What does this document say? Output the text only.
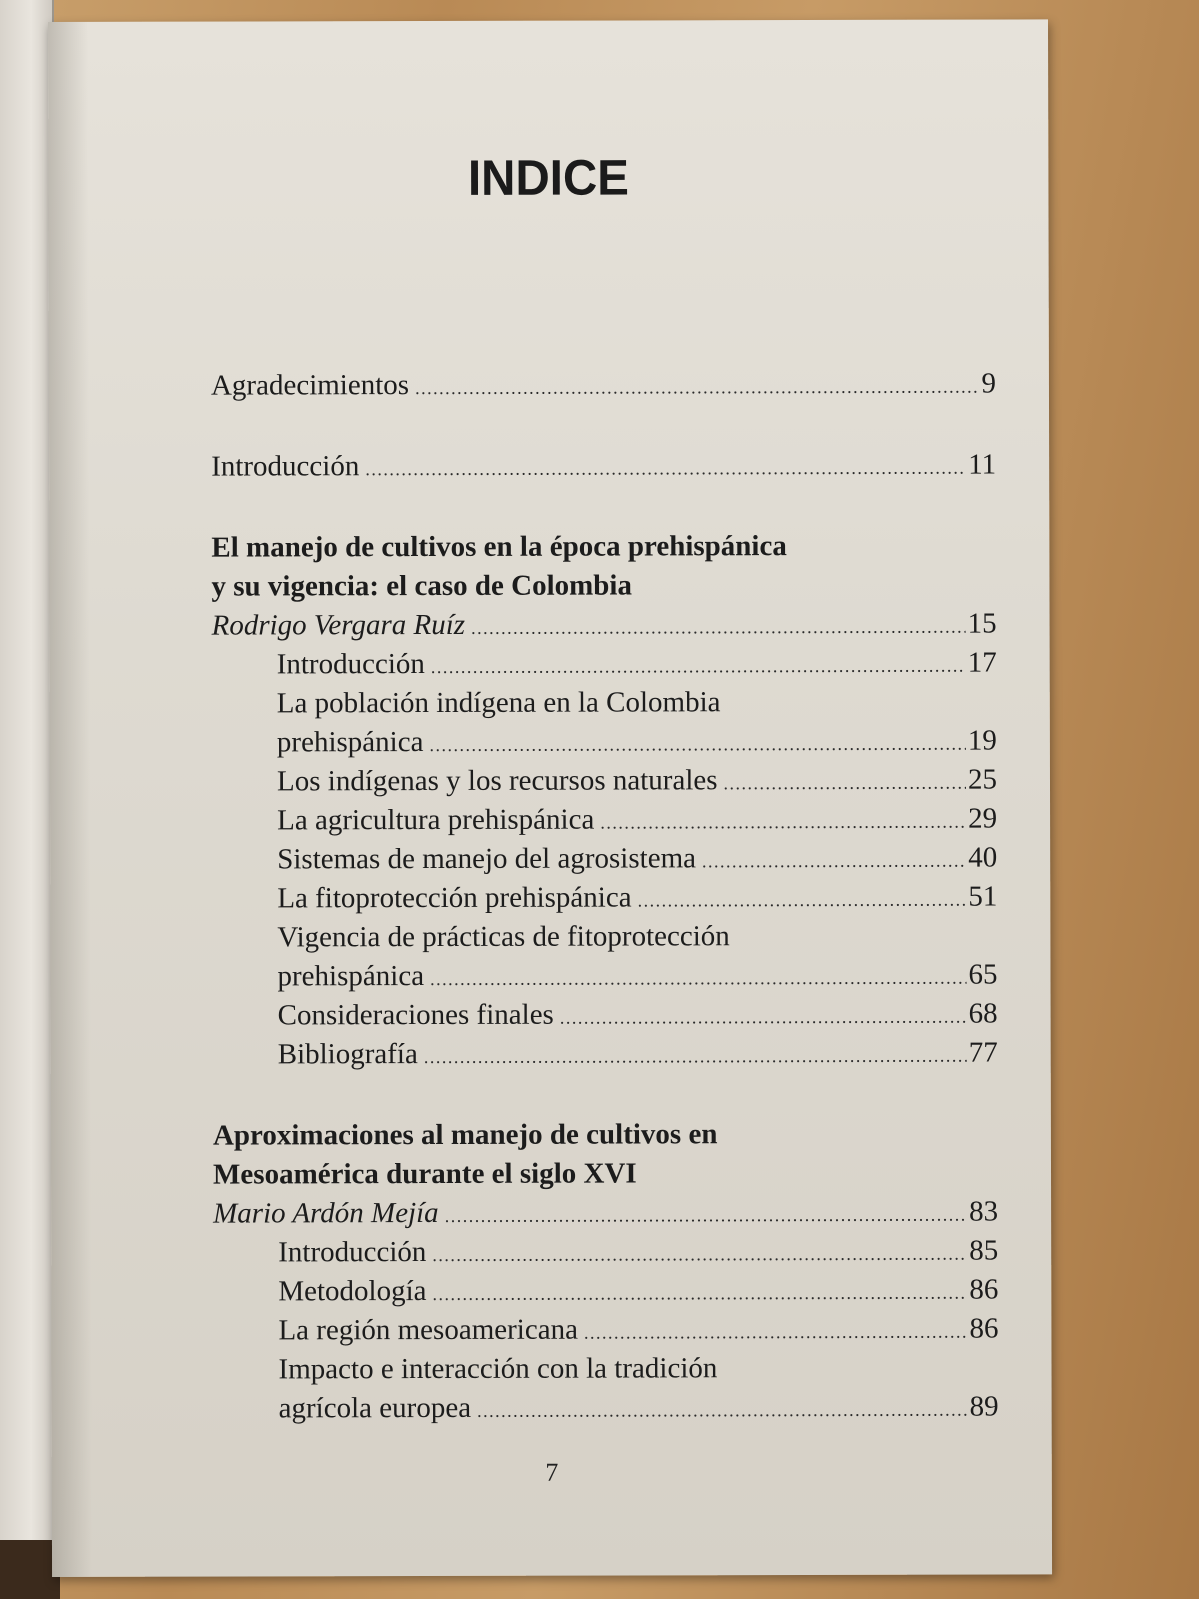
INDICE
Agradecimientos .....	9
Introducción .....	11
El manejo de cultivos en la época prehispánica
y su vigencia: el caso de Colombia
Rodrigo Vergara Ruíz .....	15
Introducción .....	17
La población indígena en la Colombia
prehispánica .....	19
Los indígenas y los recursos naturales .....	25
La agricultura prehispánica .....	29
Sistemas de manejo del agrosistema .....	40
La fitoprotección prehispánica .....	51
Vigencia de prácticas de fitoprotección
prehispánica .....	65
Consideraciones finales .....	68
Bibliografía .....	77
Aproximaciones al manejo de cultivos en
Mesoamérica durante el siglo XVI
Mario Ardón Mejía .....	83
Introducción .....	85
Metodología .....	86
La región mesoamericana .....	86
Impacto e interacción con la tradición
agrícola europea .....	89
7
